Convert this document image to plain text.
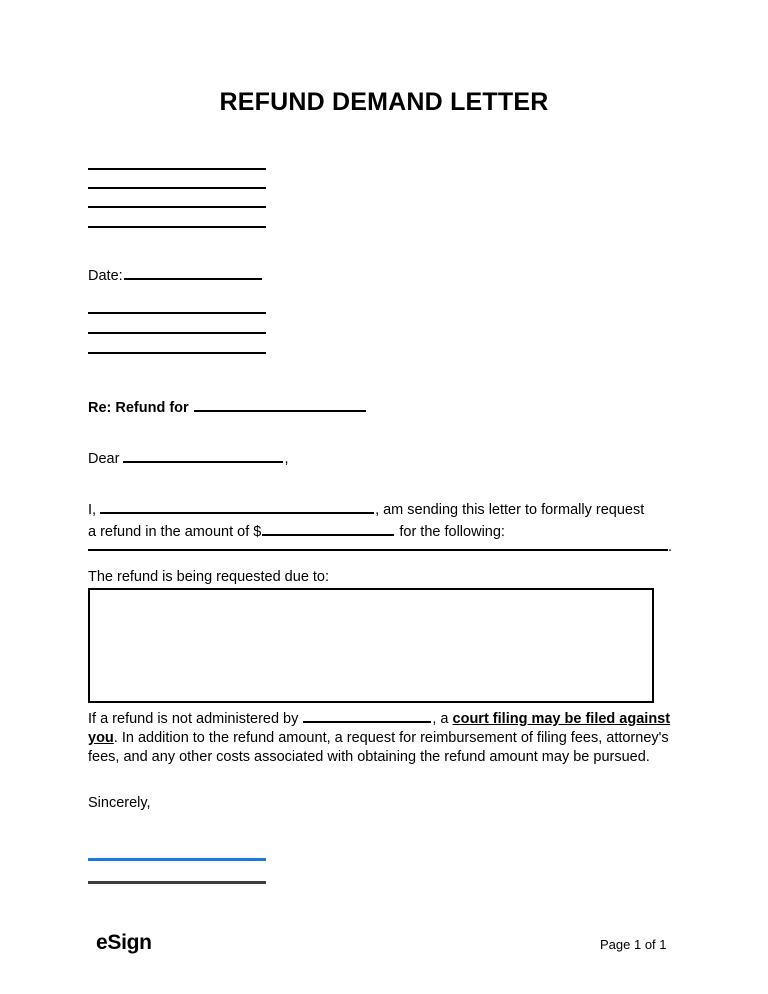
REFUND DEMAND LETTER
Date:
Re: Refund for
Dear	,
I,	, am sending this letter to formally request
a refund in the amount of $	for the following:
.
The refund is being requested due to:
If a refund is not administered by	, a court filing may be filed against you. In addition to the refund amount, a request for reimbursement of filing fees, attorney's fees, and any other costs associated with obtaining the refund amount may be pursued.
Sincerely,
eSign	Page 1 of 1
